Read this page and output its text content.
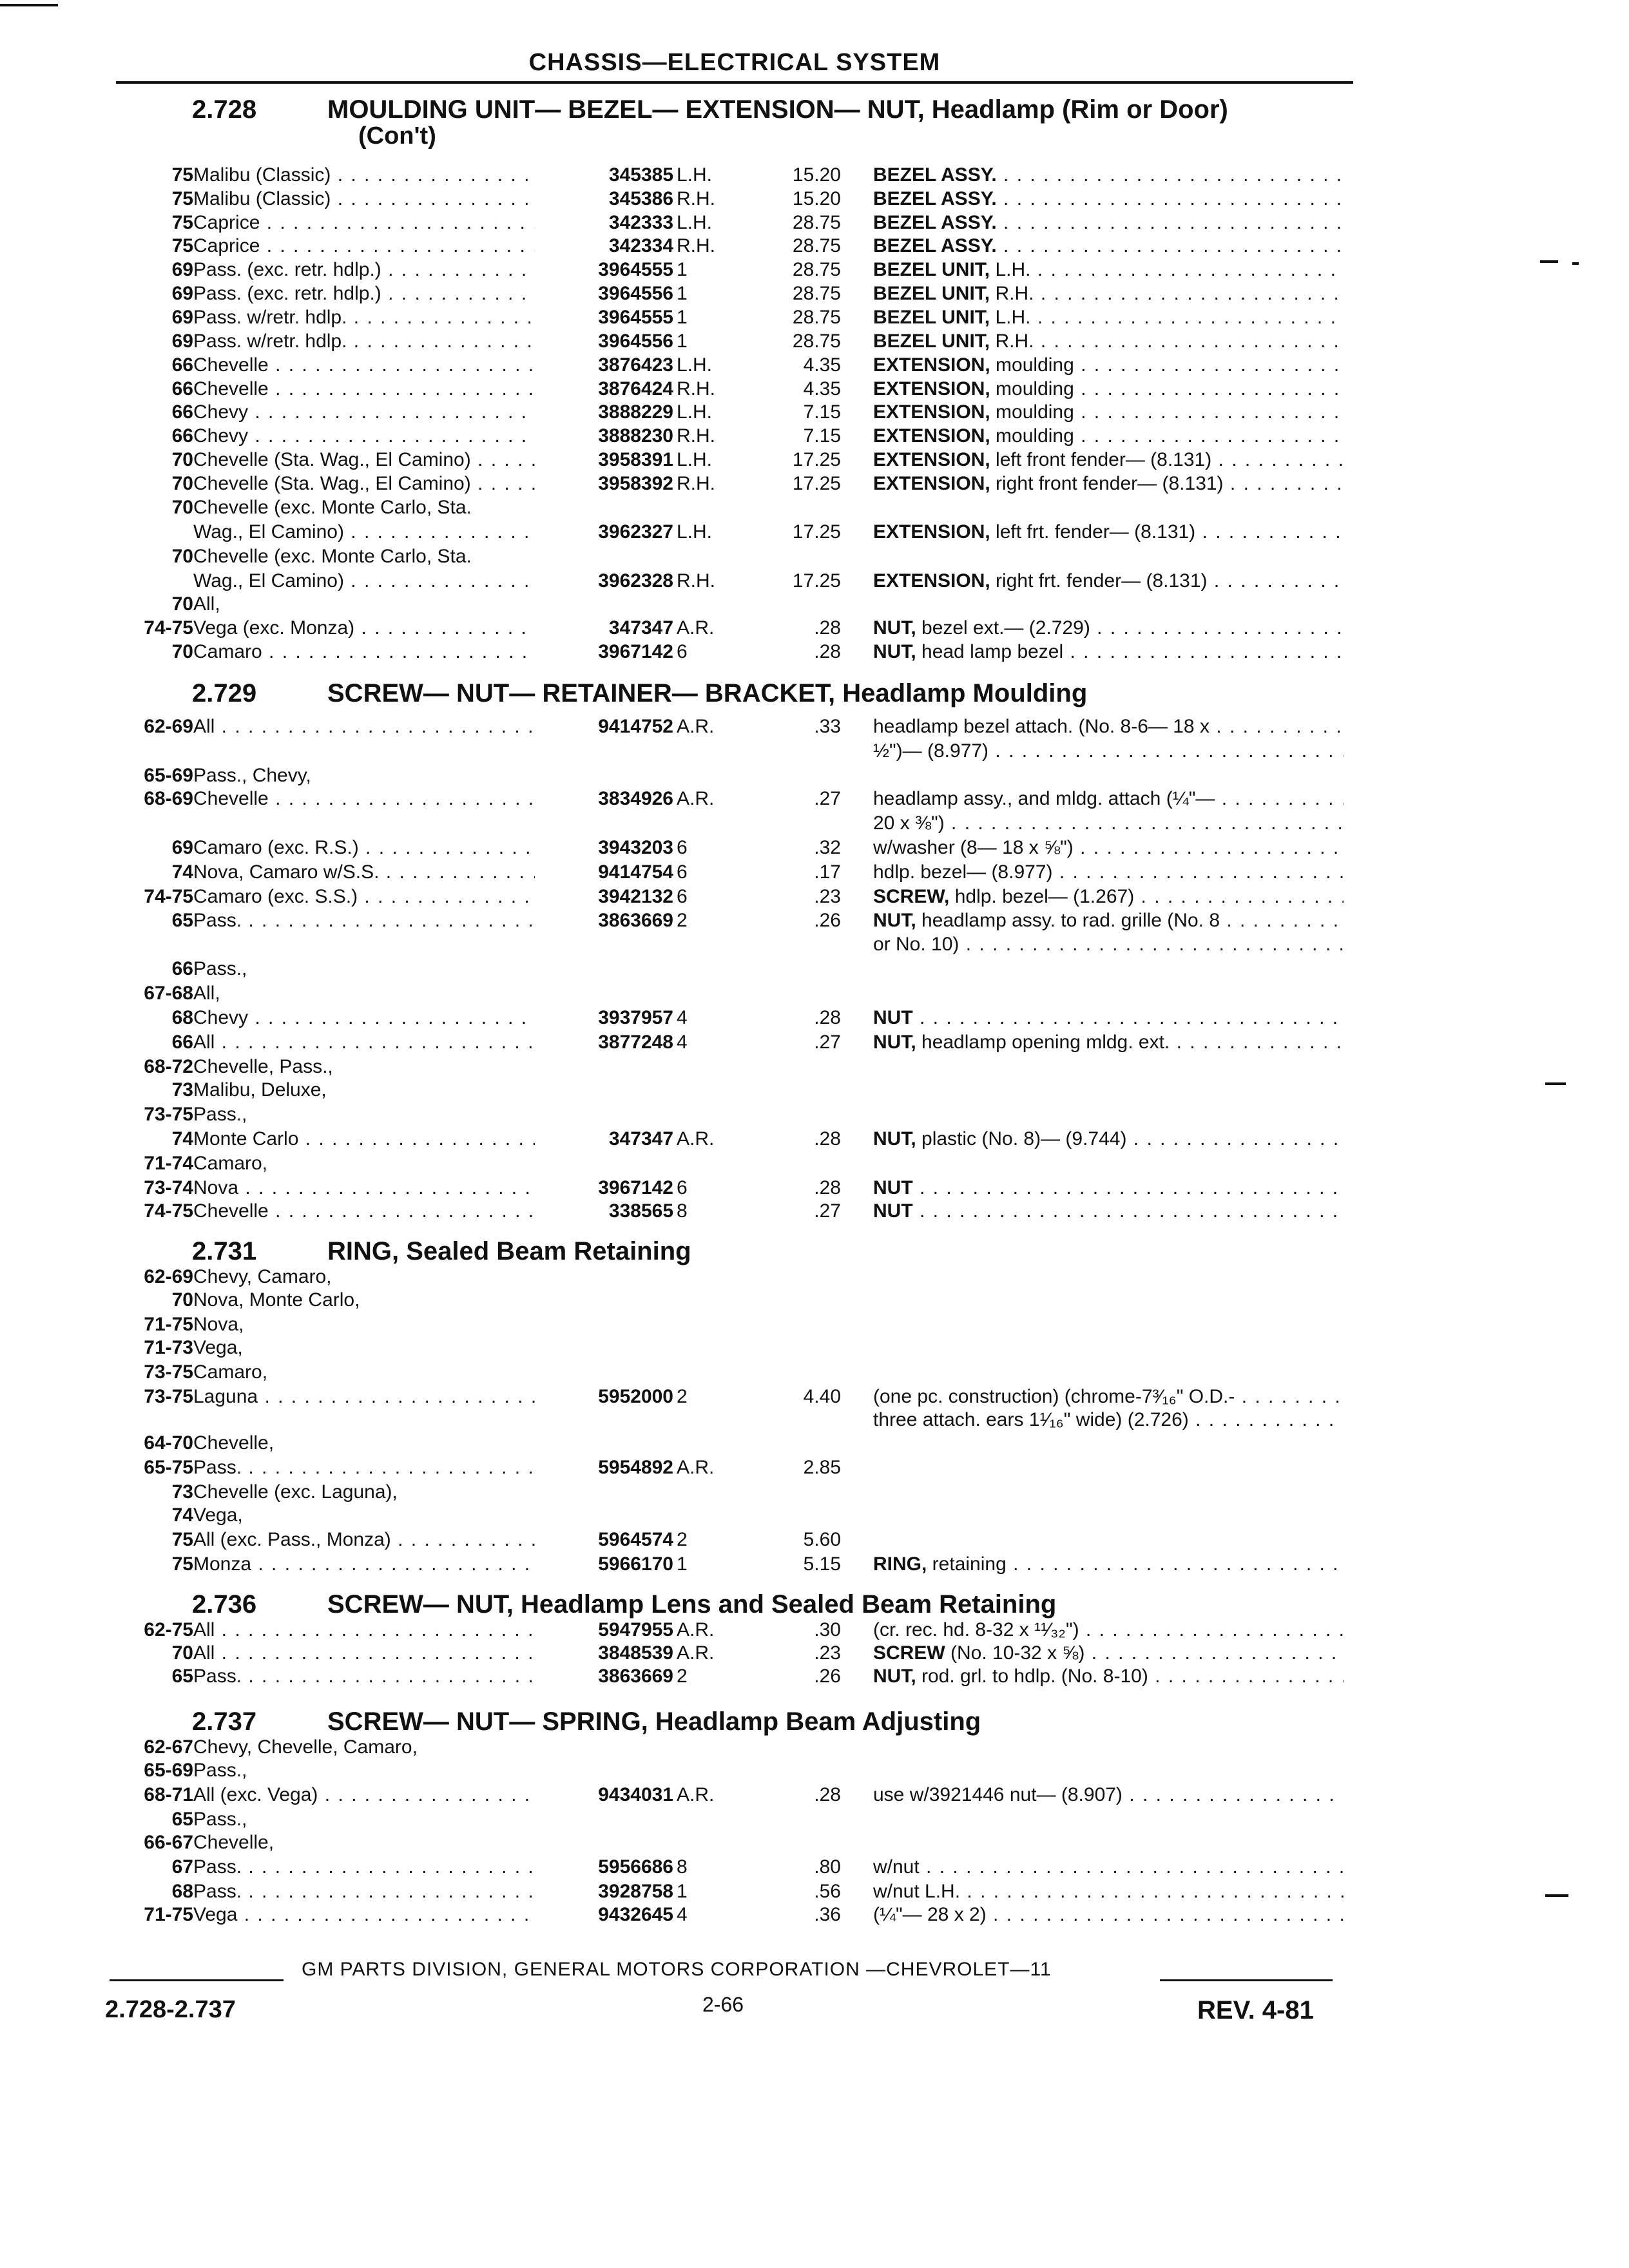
CHASSIS—ELECTRICAL SYSTEM
2.728	MOULDING UNIT— BEZEL— EXTENSION— NUT, Headlamp (Rim or Door)
(Con't)
2.729	SCREW— NUT— RETAINER— BRACKET, Headlamp Moulding
2.731	RING, Sealed Beam Retaining
2.736	SCREW— NUT, Headlamp Lens and Sealed Beam Retaining
2.737	SCREW— NUT— SPRING, Headlamp Beam Adjusting
75 Malibu (Classic) . . .	345385 L.H.	15.20 BEZEL ASSY. . . .
75 Malibu (Classic) . . .	345386 R.H.	15.20 BEZEL ASSY. . . .
75 Caprice . . .	342333 L.H.	28.75 BEZEL ASSY. . . .
75 Caprice . . .	342334 R.H.	28.75 BEZEL ASSY. . . .
69 Pass. (exc. retr. hdlp.) . . .	3964555 1	28.75 BEZEL UNIT, L.H. . . .
69 Pass. (exc. retr. hdlp.) . . .	3964556 1	28.75 BEZEL UNIT, R.H. . . .
69 Pass. w/retr. hdlp. . . .	3964555 1	28.75 BEZEL UNIT, L.H. . . .
69 Pass. w/retr. hdlp. . . .	3964556 1	28.75 BEZEL UNIT, R.H. . . .
66 Chevelle . . .	3876423 L.H.	4.35 EXTENSION, moulding . . .
66 Chevelle . . .	3876424 R.H.	4.35 EXTENSION, moulding . . .
66 Chevy . . .	3888229 L.H.	7.15 EXTENSION, moulding . . .
66 Chevy . . .	3888230 R.H.	7.15 EXTENSION, moulding . . .
70 Chevelle (Sta. Wag., El Camino) . . .	3958391 L.H.	17.25 EXTENSION, left front fender— (8.131) . . .
70 Chevelle (Sta. Wag., El Camino) . . .	3958392 R.H.	17.25 EXTENSION, right front fender— (8.131) . . .
70 Chevelle (exc. Monte Carlo, Sta.
Wag., El Camino) . . .	3962327 L.H.	17.25 EXTENSION, left frt. fender— (8.131) . . .
70 Chevelle (exc. Monte Carlo, Sta.
Wag., El Camino) . . .	3962328 R.H.	17.25 EXTENSION, right frt. fender— (8.131) . . .
70 All,
74-75 Vega (exc. Monza) . . .	347347 A.R.	.28 NUT, bezel ext.— (2.729) . . .
70 Camaro . . .	3967142 6	.28 NUT, head lamp bezel . . .
62-69 All . . .	9414752 A.R.	.33 headlamp bezel attach. (No. 8-6— 18 x . . .
½")— (8.977) . . .
65-69 Pass., Chevy,
68-69 Chevelle . . .	3834926 A.R.	.27 headlamp assy., and mldg. attach (¼"— . . .
20 x ⅜") . . .
69 Camaro (exc. R.S.) . . .	3943203 6	.32 w/washer (8— 18 x ⅝") . . .
74 Nova, Camaro w/S.S. . . .	9414754 6	.17 hdlp. bezel— (8.977) . . .
74-75 Camaro (exc. S.S.) . . .	3942132 6	.23 SCREW, hdlp. bezel— (1.267) . . .
65 Pass. . . .	3863669 2	.26 NUT, headlamp assy. to rad. grille (No. 8 . . .
or No. 10) . . .
66 Pass.,
67-68 All,
68 Chevy . . .	3937957 4	.28 NUT . . .
66 All . . .	3877248 4	.27 NUT, headlamp opening mldg. ext. . . .
68-72 Chevelle, Pass.,
73 Malibu, Deluxe,
73-75 Pass.,
74 Monte Carlo . . .	347347 A.R.	.28 NUT, plastic (No. 8)— (9.744) . . .
71-74 Camaro,
73-74 Nova . . .	3967142 6	.28 NUT . . .
74-75 Chevelle . . .	338565 8	.27 NUT . . .
62-69 Chevy, Camaro,
70 Nova, Monte Carlo,
71-75 Nova,
71-73 Vega,
73-75 Camaro,
73-75 Laguna . . .	5952000 2	4.40 (one pc. construction) (chrome-7³⁄₁₆" O.D.- . . .
three attach. ears 1¹⁄₁₆" wide) (2.726) . . .
64-70 Chevelle,
65-75 Pass. . . .	5954892 A.R.	2.85
73 Chevelle (exc. Laguna),
74 Vega,
75 All (exc. Pass., Monza) . . .	5964574 2	5.60
75 Monza . . .	5966170 1	5.15 RING, retaining . . .
62-75 All . . .	5947955 A.R.	.30 (cr. rec. hd. 8-32 x ¹¹⁄₃₂") . . .
70 All . . .	3848539 A.R.	.23 SCREW (No. 10-32 x ⅝) . . .
65 Pass. . . .	3863669 2	.26 NUT, rod. grl. to hdlp. (No. 8-10) . . .
62-67 Chevy, Chevelle, Camaro,
65-69 Pass.,
68-71 All (exc. Vega) . . .	9434031 A.R.	.28 use w/3921446 nut— (8.907) . . .
65 Pass.,
66-67 Chevelle,
67 Pass. . . .	5956686 8	.80 w/nut . . .
68 Pass. . . .	3928758 1	.56 w/nut L.H. . . .
71-75 Vega . . .	9432645 4	.36 (¼"— 28 x 2) . . .
2.728-2.737
GM PARTS DIVISION, GENERAL MOTORS CORPORATION —CHEVROLET—11
2-66	REV. 4-81
